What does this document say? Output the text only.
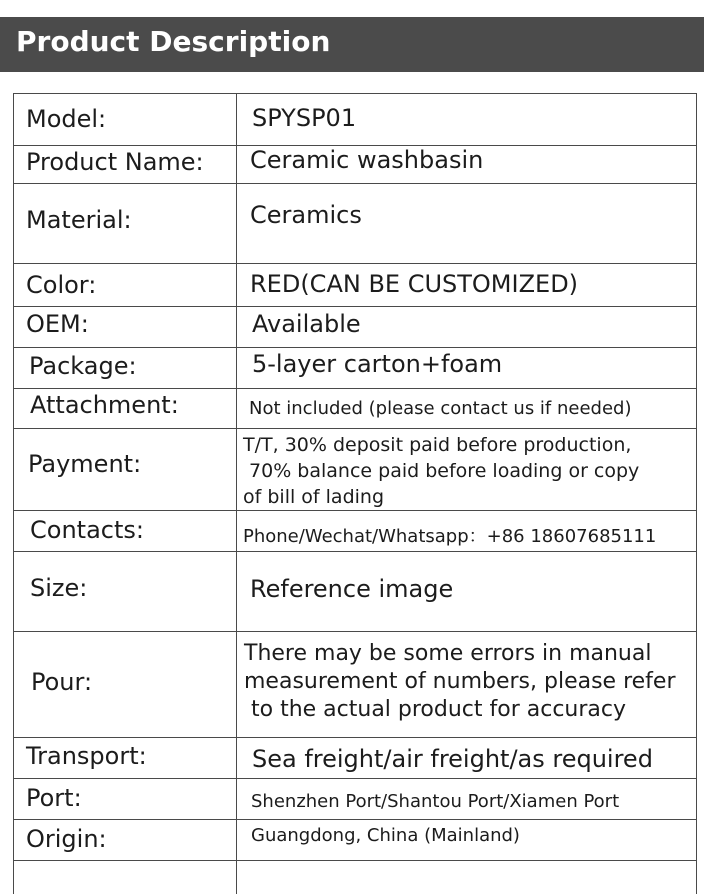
Product Description
Model:	SPYSP01
Product Name: Ceramic washbasin
Material:	Ceramics
Color:	RED(CAN BE CUSTOMIZED)
OEM:	Available
Package:	5-layer carton+foam
Attachment:	Not included (please contact us if needed)
Payment:
T/T, 30% deposit paid before production,
70% balance paid before loading or copy
of bill of lading
Contacts:	Phone/Wechat/Whatsapp：+86 18607685111
Size:	Reference image
Pour:
There may be some errors in manual
measurement of numbers, please refer
to the actual product for accuracy
Transport:	Sea freight/air freight/as required
Port:	Shenzhen Port/Shantou Port/Xiamen Port
Origin:	Guangdong, China (Mainland)
